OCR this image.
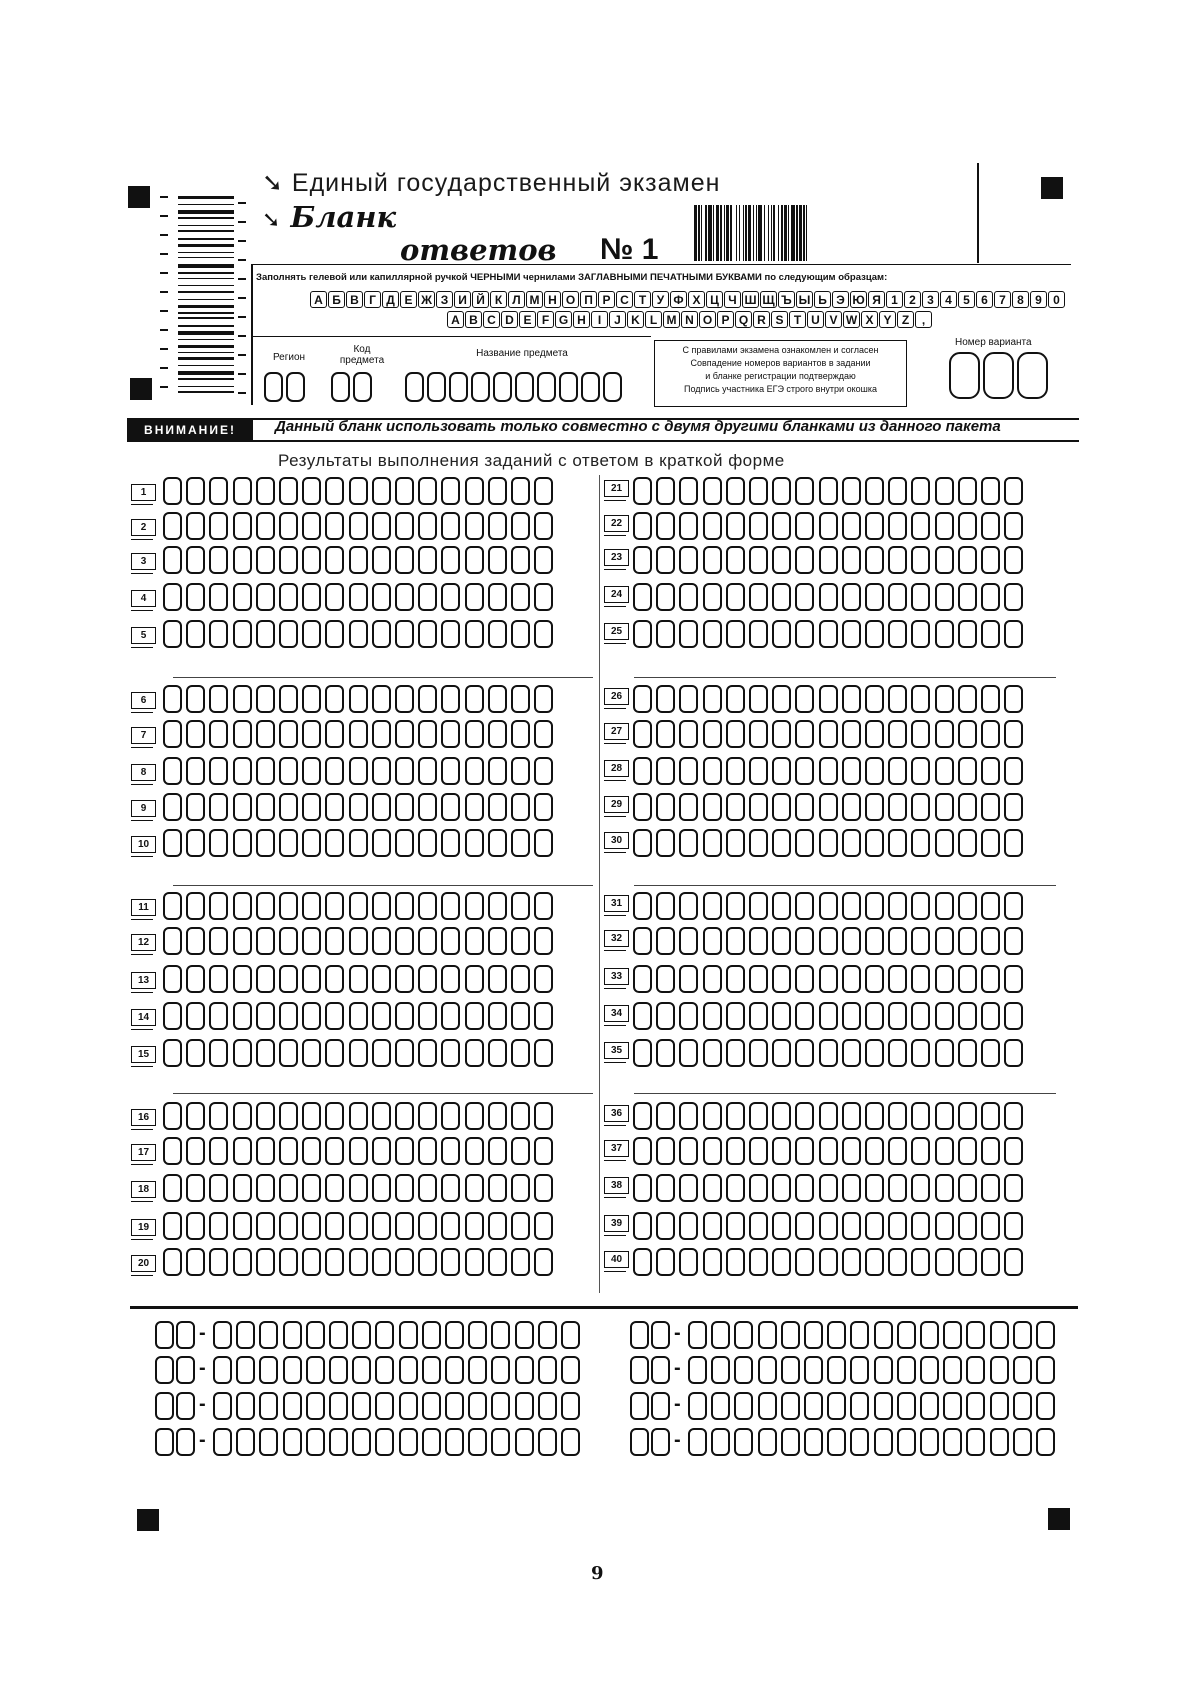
➘ Единый государственный экзамен
➘ Бланк
ответов № 1
Заполнять гелевой или капиллярной ручкой ЧЕРНЫМИ чернилами ЗАГЛАВНЫМИ ПЕЧАТНЫМИ БУКВАМИ по следующим образцам:
А Б В Г Д Е Ж З И Й К Л М Н О П Р С Т У Ф Х Ц Ч Ш Щ Ъ Ы Ь Э Ю Я 1 2 3 4 5 6 7 8 9 0
A B C D E F G H	I	J K L M N O P Q R S T U V W X Y Z	,
Регион
Код предмета
Название предмета	С правилами экзамена ознакомлен и согласен
Совпадение номеров вариантов в задании
и бланке регистрации подтверждаю
Подпись участника ЕГЭ строго внутри окошка
Номер варианта
ВНИМАНИЕ!	Данный бланк использовать только совместно с двумя другими бланками из данного пакета
Результаты выполнения заданий с ответом в краткой форме
1
2
3
4
5
6
7
8
9
10
11
12
13
14
15
16
17
18
19
20
21
22
23
24
25
26
27
28
29
30
31
32
33
34
35
36
37
38
39
40
-	-
-	-
-	-
-	-
9
